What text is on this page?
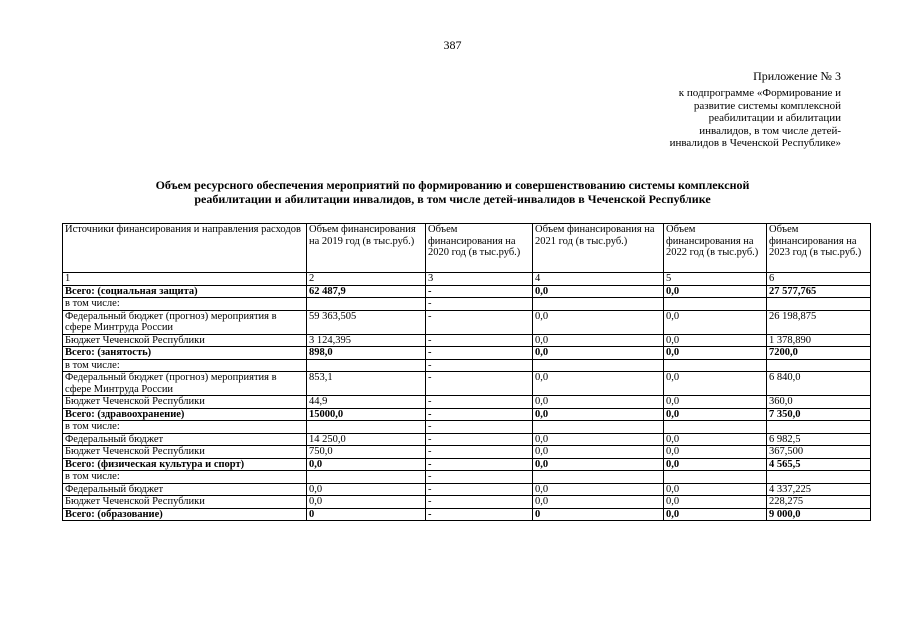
387
Приложение № 3
к подпрограмме «Формирование и
развитие системы комплексной
реабилитации и абилитации
инвалидов, в том числе детей-
инвалидов в Чеченской Республике»
Объем ресурсного обеспечения мероприятий по формированию и совершенствованию системы комплексной
реабилитации и абилитации инвалидов, в том числе детей-инвалидов в Чеченской Республике
Источники финансирования и направления расходов	Объем финансирования на 2019 год (в тыс.руб.)	Объем финансирования на 2020 год (в тыс.руб.)	Объем финансирования на 2021 год (в тыс.руб.)	Объем финансирования на 2022 год (в тыс.руб.)	Объем финансирования на 2023 год (в тыс.руб.)
1	2	3	4	5	6
Всего: (социальная защита)	62 487,9	-	0,0	0,0	27 577,765
в том числе:		-			
Федеральный бюджет (прогноз) мероприятия в сфере Минтруда России	59 363,505	-	0,0	0,0	26 198,875
Бюджет Чеченской Республики	3 124,395	-	0,0	0,0	1 378,890
Всего: (занятость)	898,0	-	0,0	0,0	7200,0
в том числе:		-			
Федеральный бюджет (прогноз) мероприятия в сфере Минтруда России	853,1	-	0,0	0,0	6 840,0
Бюджет Чеченской Республики	44,9	-	0,0	0,0	360,0
Всего: (здравоохранение)	15000,0	-	0,0	0,0	7 350,0
в том числе:		-			
Федеральный бюджет	14 250,0	-	0,0	0,0	6 982,5
Бюджет Чеченской Республики	750,0	-	0,0	0,0	367,500
Всего: (физическая культура и спорт)	0,0	-	0,0	0,0	4 565,5
в том числе:		-			
Федеральный бюджет	0,0	-	0,0	0,0	4 337,225
Бюджет Чеченской Республики	0,0	-	0,0	0,0	228,275
Всего: (образование)	0	-	0	0,0	9 000,0
